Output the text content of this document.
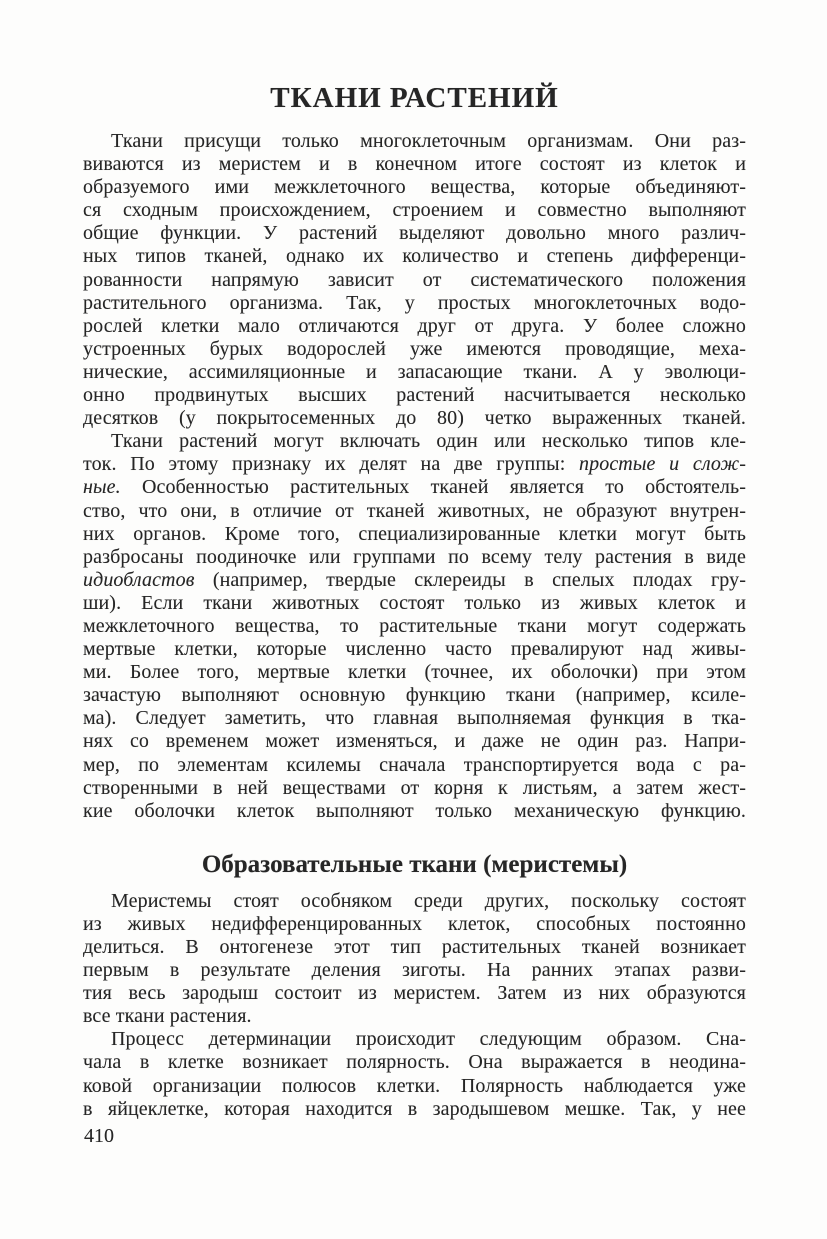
ТКАНИ РАСТЕНИЙ
Ткани присущи только многоклеточным организмам. Они раз-
виваются из меристем и в конечном итоге состоят из клеток и
образуемого ими межклеточного вещества, которые объединяют-
ся сходным происхождением, строением и совместно выполняют
общие функции. У растений выделяют довольно много различ-
ных типов тканей, однако их количество и степень дифференци-
рованности напрямую зависит от систематического положения
растительного организма. Так, у простых многоклеточных водо-
рослей клетки мало отличаются друг от друга. У более сложно
устроенных бурых водорослей уже имеются проводящие, меха-
нические, ассимиляционные и запасающие ткани. А у эволюци-
онно продвинутых высших растений насчитывается несколько
десятков (у покрытосеменных до 80) четко выраженных тканей.
Ткани растений могут включать один или несколько типов кле-
ток. По этому признаку их делят на две группы: простые и слож-
ные. Особенностью растительных тканей является то обстоятель-
ство, что они, в отличие от тканей животных, не образуют внутрен-
них органов. Кроме того, специализированные клетки могут быть
разбросаны поодиночке или группами по всему телу растения в виде
идиобластов (например, твердые склереиды в спелых плодах гру-
ши). Если ткани животных состоят только из живых клеток и
межклеточного вещества, то растительные ткани могут содержать
мертвые клетки, которые численно часто превалируют над живы-
ми. Более того, мертвые клетки (точнее, их оболочки) при этом
зачастую выполняют основную функцию ткани (например, ксиле-
ма). Следует заметить, что главная выполняемая функция в тка-
нях со временем может изменяться, и даже не один раз. Напри-
мер, по элементам ксилемы сначала транспортируется вода с ра-
створенными в ней веществами от корня к листьям, а затем жест-
кие оболочки клеток выполняют только механическую функцию.
Образовательные ткани (меристемы)
Меристемы стоят особняком среди других, поскольку состоят
из живых недифференцированных клеток, способных постоянно
делиться. В онтогенезе этот тип растительных тканей возникает
первым в результате деления зиготы. На ранних этапах разви-
тия весь зародыш состоит из меристем. Затем из них образуются
все ткани растения.
Процесс детерминации происходит следующим образом. Сна-
чала в клетке возникает полярность. Она выражается в неодина-
ковой организации полюсов клетки. Полярность наблюдается уже
в яйцеклетке, которая находится в зародышевом мешке. Так, у нее
410
